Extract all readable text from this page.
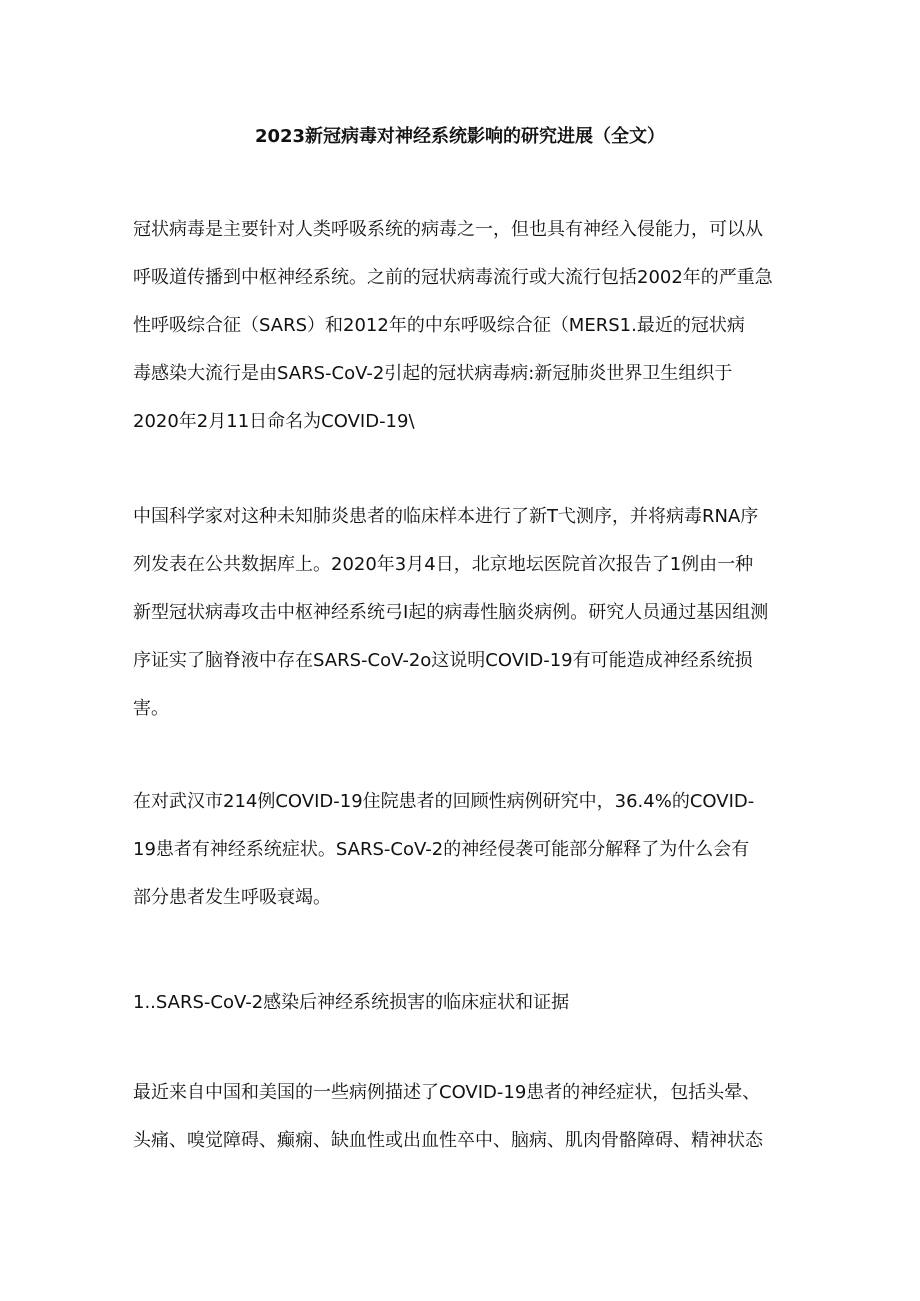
2023新冠病毒对神经系统影响的研究进展（全文）
冠状病毒是主要针对人类呼吸系统的病毒之一，但也具有神经入侵能力，可以从
呼吸道传播到中枢神经系统。之前的冠状病毒流行或大流行包括2002年的严重急
性呼吸综合征（SARS）和2012年的中东呼吸综合征（MERS1.最近的冠状病
毒感染大流行是由SARS-CoV-2引起的冠状病毒病:新冠肺炎世界卫生组织于
2020年2月11日命名为COVID-19\
中国科学家对这种未知肺炎患者的临床样本进行了新T弋测序，并将病毒RNA序
列发表在公共数据库上。2020年3月4日，北京地坛医院首次报告了1例由一种
新型冠状病毒攻击中枢神经系统弓I起的病毒性脑炎病例。研究人员通过基因组测
序证实了脑脊液中存在SARS-CoV-2o这说明COVID-19有可能造成神经系统损
害。
在对武汉市214例COVID-19住院患者的回顾性病例研究中，36.4%的COVID-
19患者有神经系统症状。SARS-CoV-2的神经侵袭可能部分解释了为什么会有
部分患者发生呼吸衰竭。
1..SARS-CoV-2感染后神经系统损害的临床症状和证据
最近来自中国和美国的一些病例描述了COVID-19患者的神经症状，包括头晕、
头痛、嗅觉障碍、癫痫、缺血性或出血性卒中、脑病、肌肉骨骼障碍、精神状态
